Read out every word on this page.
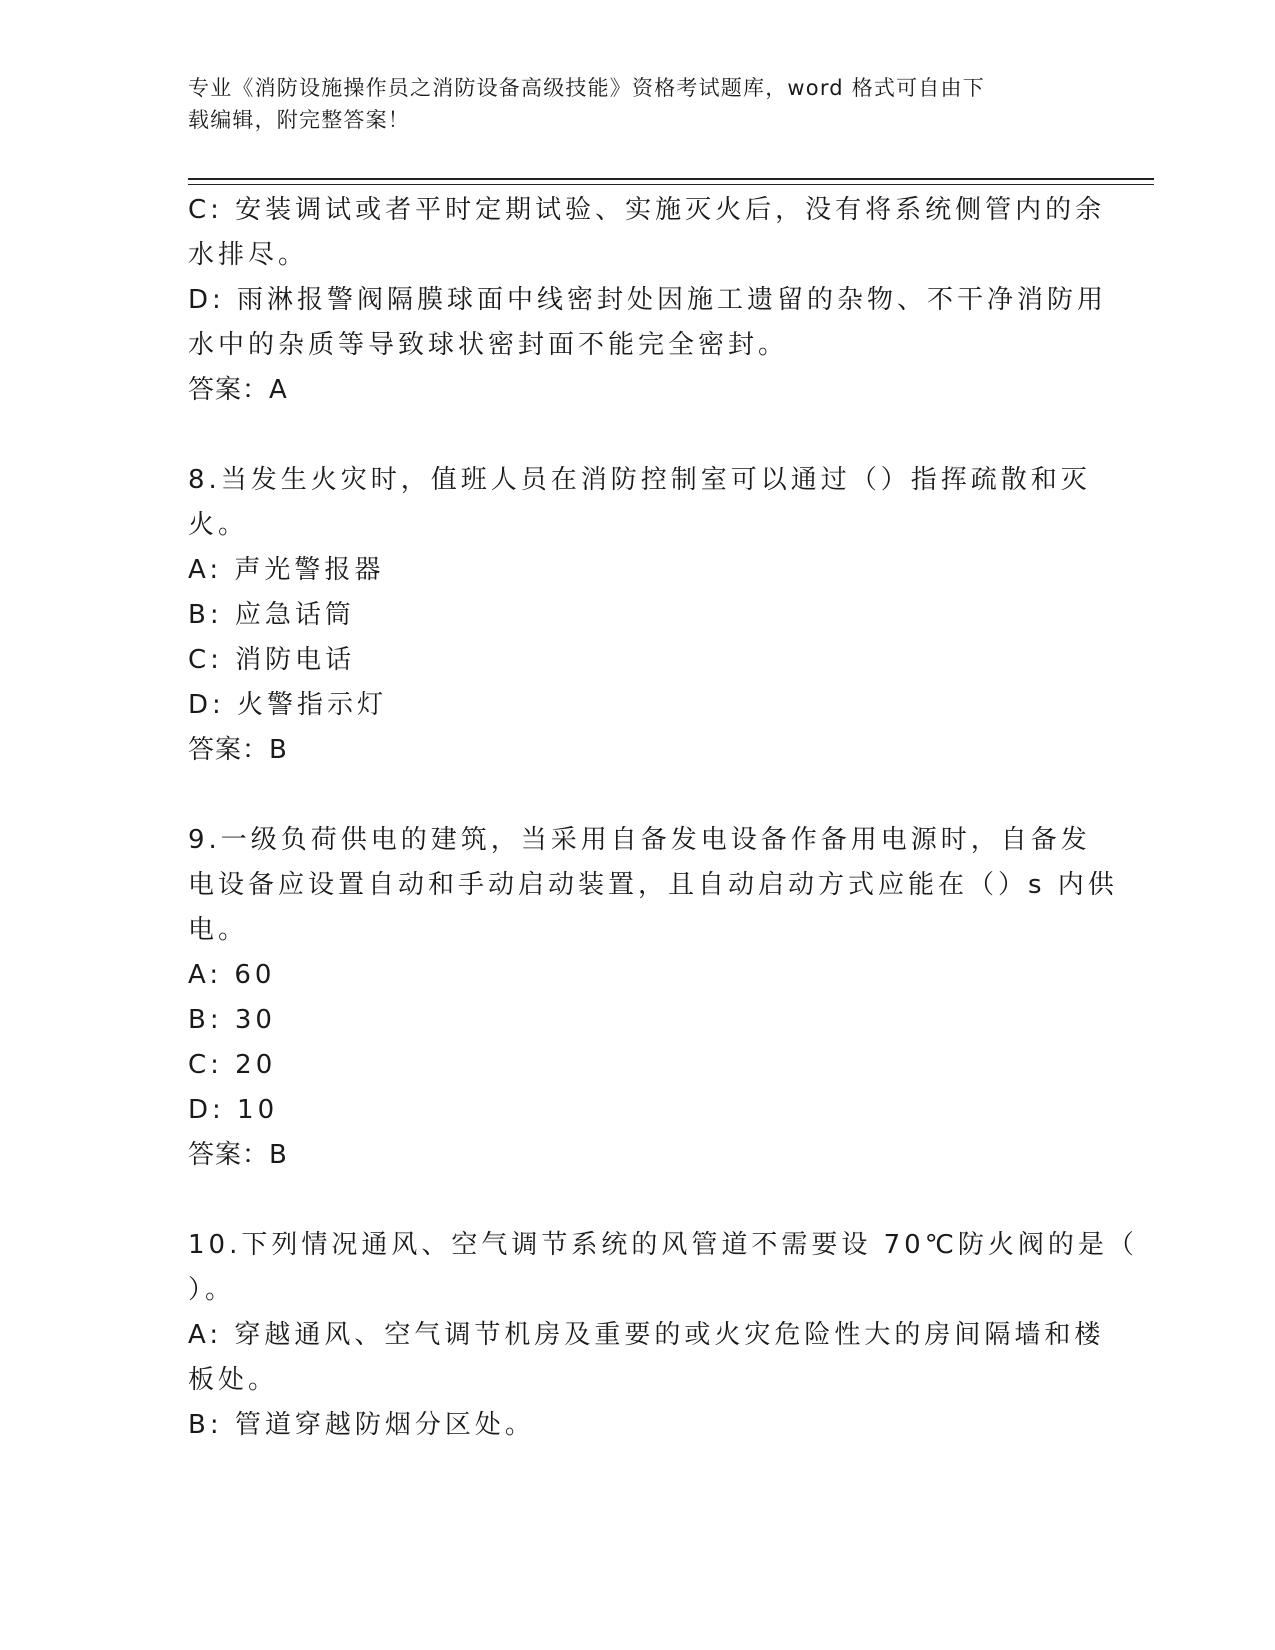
专业《消防设施操作员之消防设备高级技能》资格考试题库，word 格式可自由下
载编辑，附完整答案！

C: 安装调试或者平时定期试验、实施灭火后，没有将系统侧管内的余

水排尽。

D: 雨淋报警阀隔膜球面中线密封处因施工遗留的杂物、不干净消防用

水中的杂质等导致球状密封面不能完全密封。

答案：A

8.当发生火灾时，值班人员在消防控制室可以通过（）指挥疏散和灭

火。

A: 声光警报器

B: 应急话筒

C: 消防电话

D: 火警指示灯

答案：B

9.一级负荷供电的建筑，当采用自备发电设备作备用电源时，自备发

电设备应设置自动和手动启动装置，且自动启动方式应能在（）s 内供

电。

A: 60

B: 30

C: 20

D: 10

答案：B

10.下列情况通风、空气调节系统的风管道不需要设 70℃防火阀的是（

）。

A: 穿越通风、空气调节机房及重要的或火灾危险性大的房间隔墙和楼

板处。

B: 管道穿越防烟分区处。
